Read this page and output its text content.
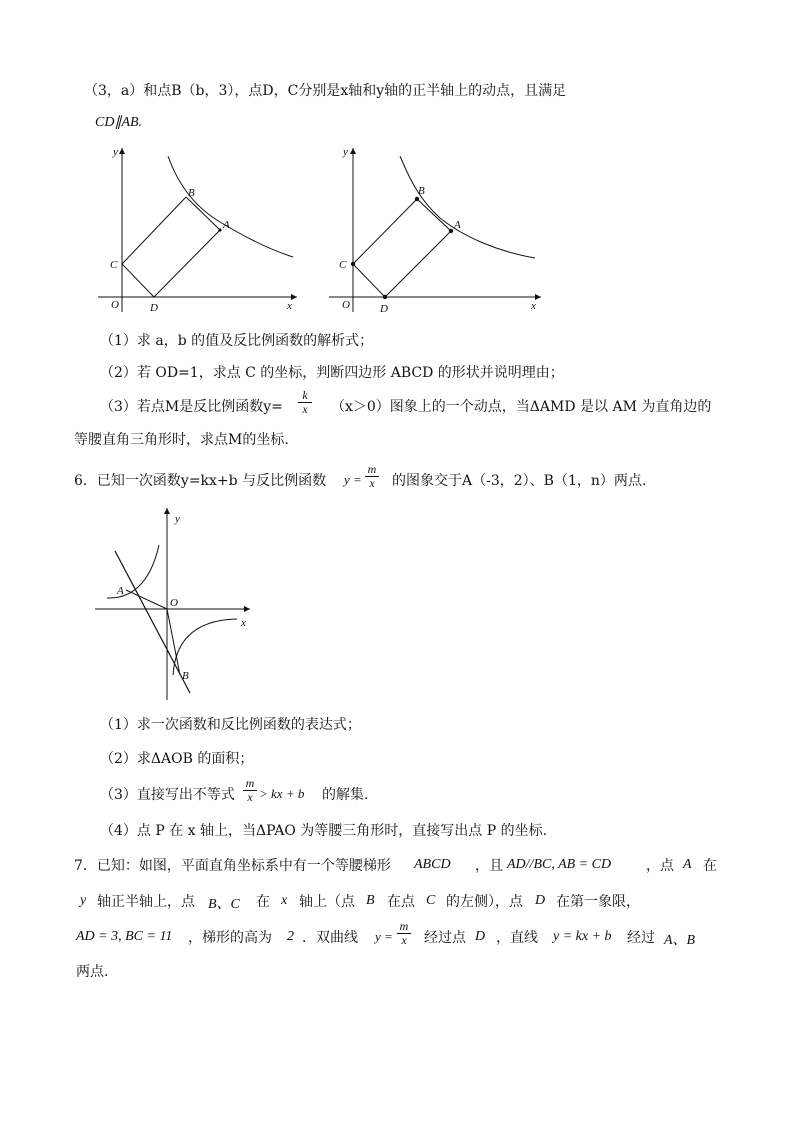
（3，a）和点B（b，3），点D，C分别是x轴和y轴的正半轴上的动点，且满足
CD∥AB.
y
x
O
C
D
B
A
y
x
O
C
D
B
A
（1）求 a，b 的值及反比例函数的解析式；
（2）若 OD=1，求点 C 的坐标，判断四边形 ABCD 的形状并说明理由；
（3）若点M是反比例函数$y= \frac{k}{x} (x>0)$图象上的一个动点，当ΔAMD 是以 AM 为直角边的
等腰直角三角形时，求点M的坐标.
6．已知一次函数y=kx+b 与反比例函数 $y = \frac{m}{x}$ 的图象交于A（-3，2）、B（1，n）两点.
y
x
O
A
B
（1）求一次函数和反比例函数的表达式；
（2）求ΔAOB 的面积；
（3）直接写出不等式 $\frac{m}{x}$ > kx + b 的解集.
（4）点 P 在 x 轴上，当ΔPAO 为等腰三角形时，直接写出点 P 的坐标.
7．已知：如图，平面直角坐标系中有一个等腰梯形 ABCD ，且 AD//BC, AB = CD ，点 A 在
y 轴正半轴上，点 B、C 在 x 轴上（点 B 在点 C 的左侧），点 D 在第一象限，
AD = 3, BC = 11 ，梯形的高为 2 ．双曲线 $y = \frac{m}{x}$ 经过点 D ，直线 y = kx + b 经过 A、B
两点.
